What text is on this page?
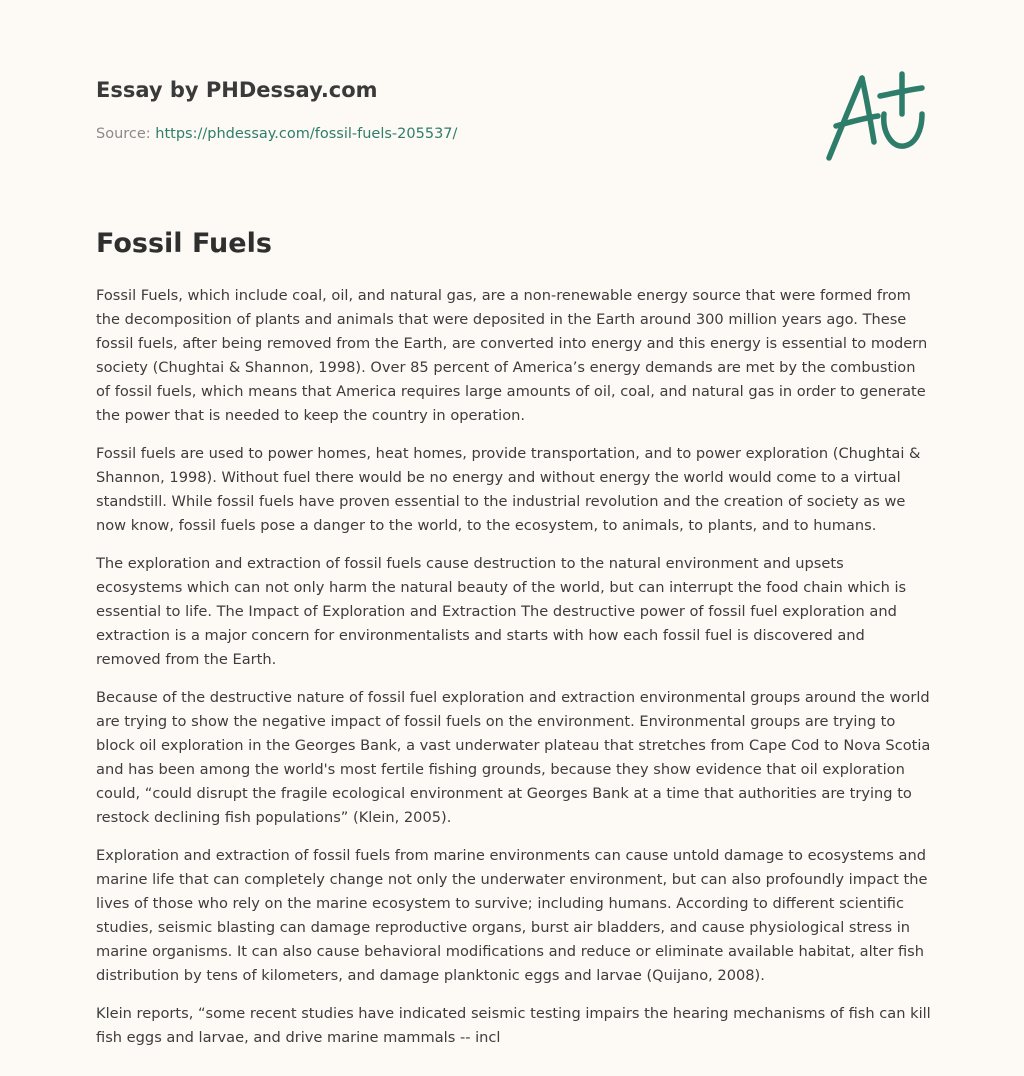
Essay by PHDessay.com
Source: https://phdessay.com/fossil-fuels-205537/
Fossil Fuels

Fossil Fuels, which include coal, oil, and natural gas, are a non-renewable energy source that were formed from the decomposition of plants and animals that were deposited in the Earth around 300 million years ago. These fossil fuels, after being removed from the Earth, are converted into energy and this energy is essential to modern society (Chughtai & Shannon, 1998). Over 85 percent of America’s energy demands are met by the combustion of fossil fuels, which means that America requires large amounts of oil, coal, and natural gas in order to generate the power that is needed to keep the country in operation.

Fossil fuels are used to power homes, heat homes, provide transportation, and to power exploration (Chughtai & Shannon, 1998). Without fuel there would be no energy and without energy the world would come to a virtual standstill. While fossil fuels have proven essential to the industrial revolution and the creation of society as we now know, fossil fuels pose a danger to the world, to the ecosystem, to animals, to plants, and to humans.

The exploration and extraction of fossil fuels cause destruction to the natural environment and upsets ecosystems which can not only harm the natural beauty of the world, but can interrupt the food chain which is essential to life. The Impact of Exploration and Extraction The destructive power of fossil fuel exploration and extraction is a major concern for environmentalists and starts with how each fossil fuel is discovered and removed from the Earth.

Because of the destructive nature of fossil fuel exploration and extraction environmental groups around the world are trying to show the negative impact of fossil fuels on the environment. Environmental groups are trying to block oil exploration in the Georges Bank, a vast underwater plateau that stretches from Cape Cod to Nova Scotia and has been among the world's most fertile fishing grounds, because they show evidence that oil exploration could, “could disrupt the fragile ecological environment at Georges Bank at a time that authorities are trying to restock declining fish populations” (Klein, 2005).

Exploration and extraction of fossil fuels from marine environments can cause untold damage to ecosystems and marine life that can completely change not only the underwater environment, but can also profoundly impact the lives of those who rely on the marine ecosystem to survive; including humans. According to different scientific studies, seismic blasting can damage reproductive organs, burst air bladders, and cause physiological stress in marine organisms. It can also cause behavioral modifications and reduce or eliminate available habitat, alter fish distribution by tens of kilometers, and damage planktonic eggs and larvae (Quijano, 2008).

Klein reports, “some recent studies have indicated seismic testing impairs the hearing mechanisms of fish can kill fish eggs and larvae, and drive marine mammals -- incl
